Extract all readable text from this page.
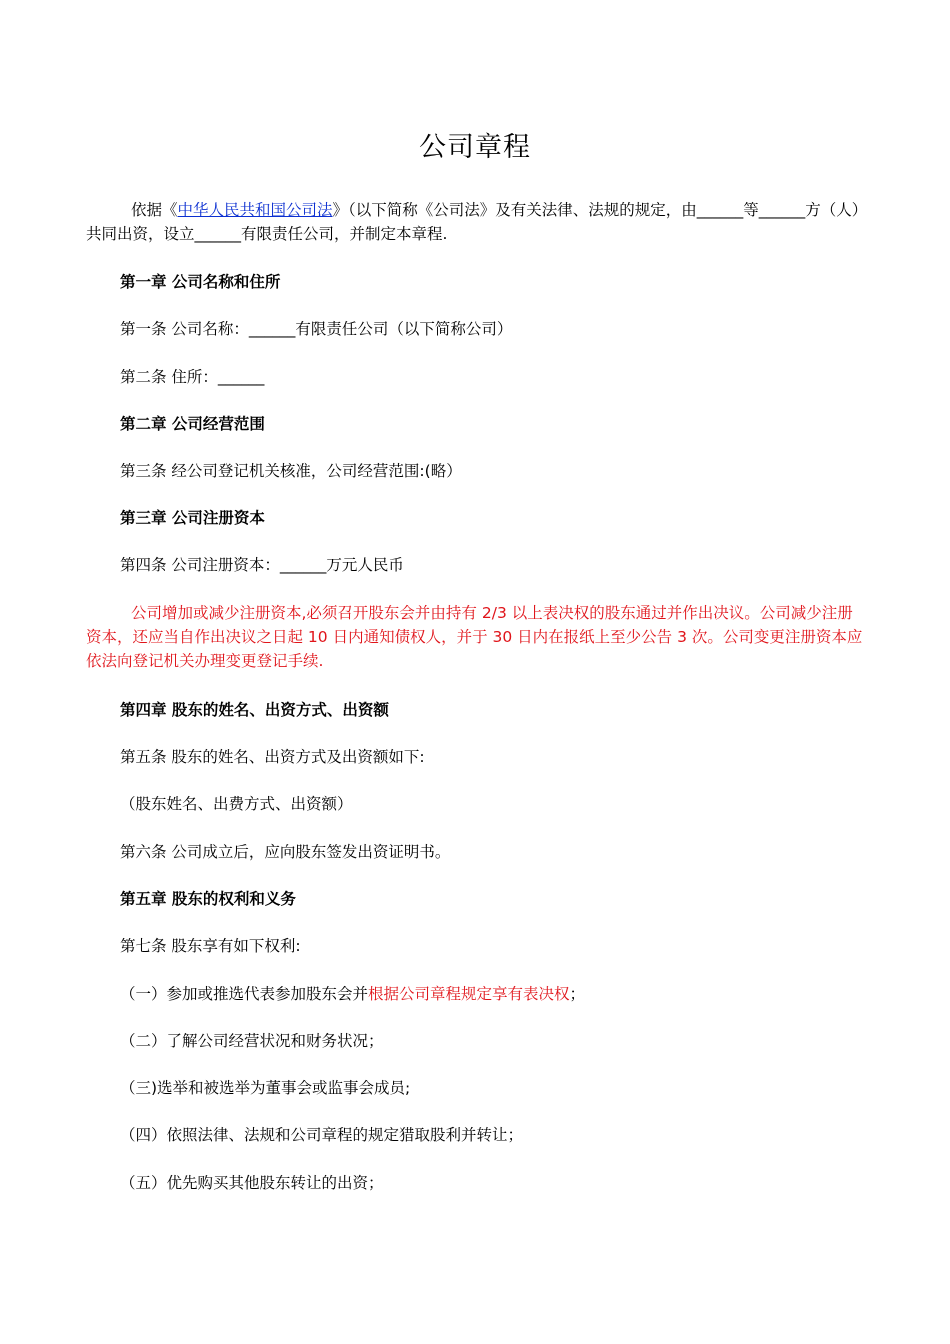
公司章程
依据《中华人民共和国公司法》（以下简称《公司法》及有关法律、法规的规定，由______等______方（人）共同出资，设立______有限责任公司，并制定本章程.
第一章 公司名称和住所
第一条 公司名称：______有限责任公司（以下简称公司）
第二条 住所：______
第二章 公司经营范围
第三条 经公司登记机关核准，公司经营范围:(略）
第三章 公司注册资本
第四条 公司注册资本：______万元人民币
公司增加或减少注册资本,必须召开股东会并由持有 2/3 以上表决权的股东通过并作出决议。公司减少注册资本，还应当自作出决议之日起 10 日内通知债权人，并于 30 日内在报纸上至少公告 3 次。公司变更注册资本应依法向登记机关办理变更登记手续.
第四章 股东的姓名、出资方式、出资额
第五条 股东的姓名、出资方式及出资额如下:
（股东姓名、出费方式、出资额）
第六条 公司成立后，应向股东签发出资证明书。
第五章 股东的权利和义务
第七条 股东享有如下权利:
（一）参加或推选代表参加股东会并根据公司章程规定享有表决权；
（二）了解公司经营状况和财务状况；
（三)选举和被选举为董事会或监事会成员;
（四）依照法律、法规和公司章程的规定猎取股利并转让；
（五）优先购买其他股东转让的出资；
